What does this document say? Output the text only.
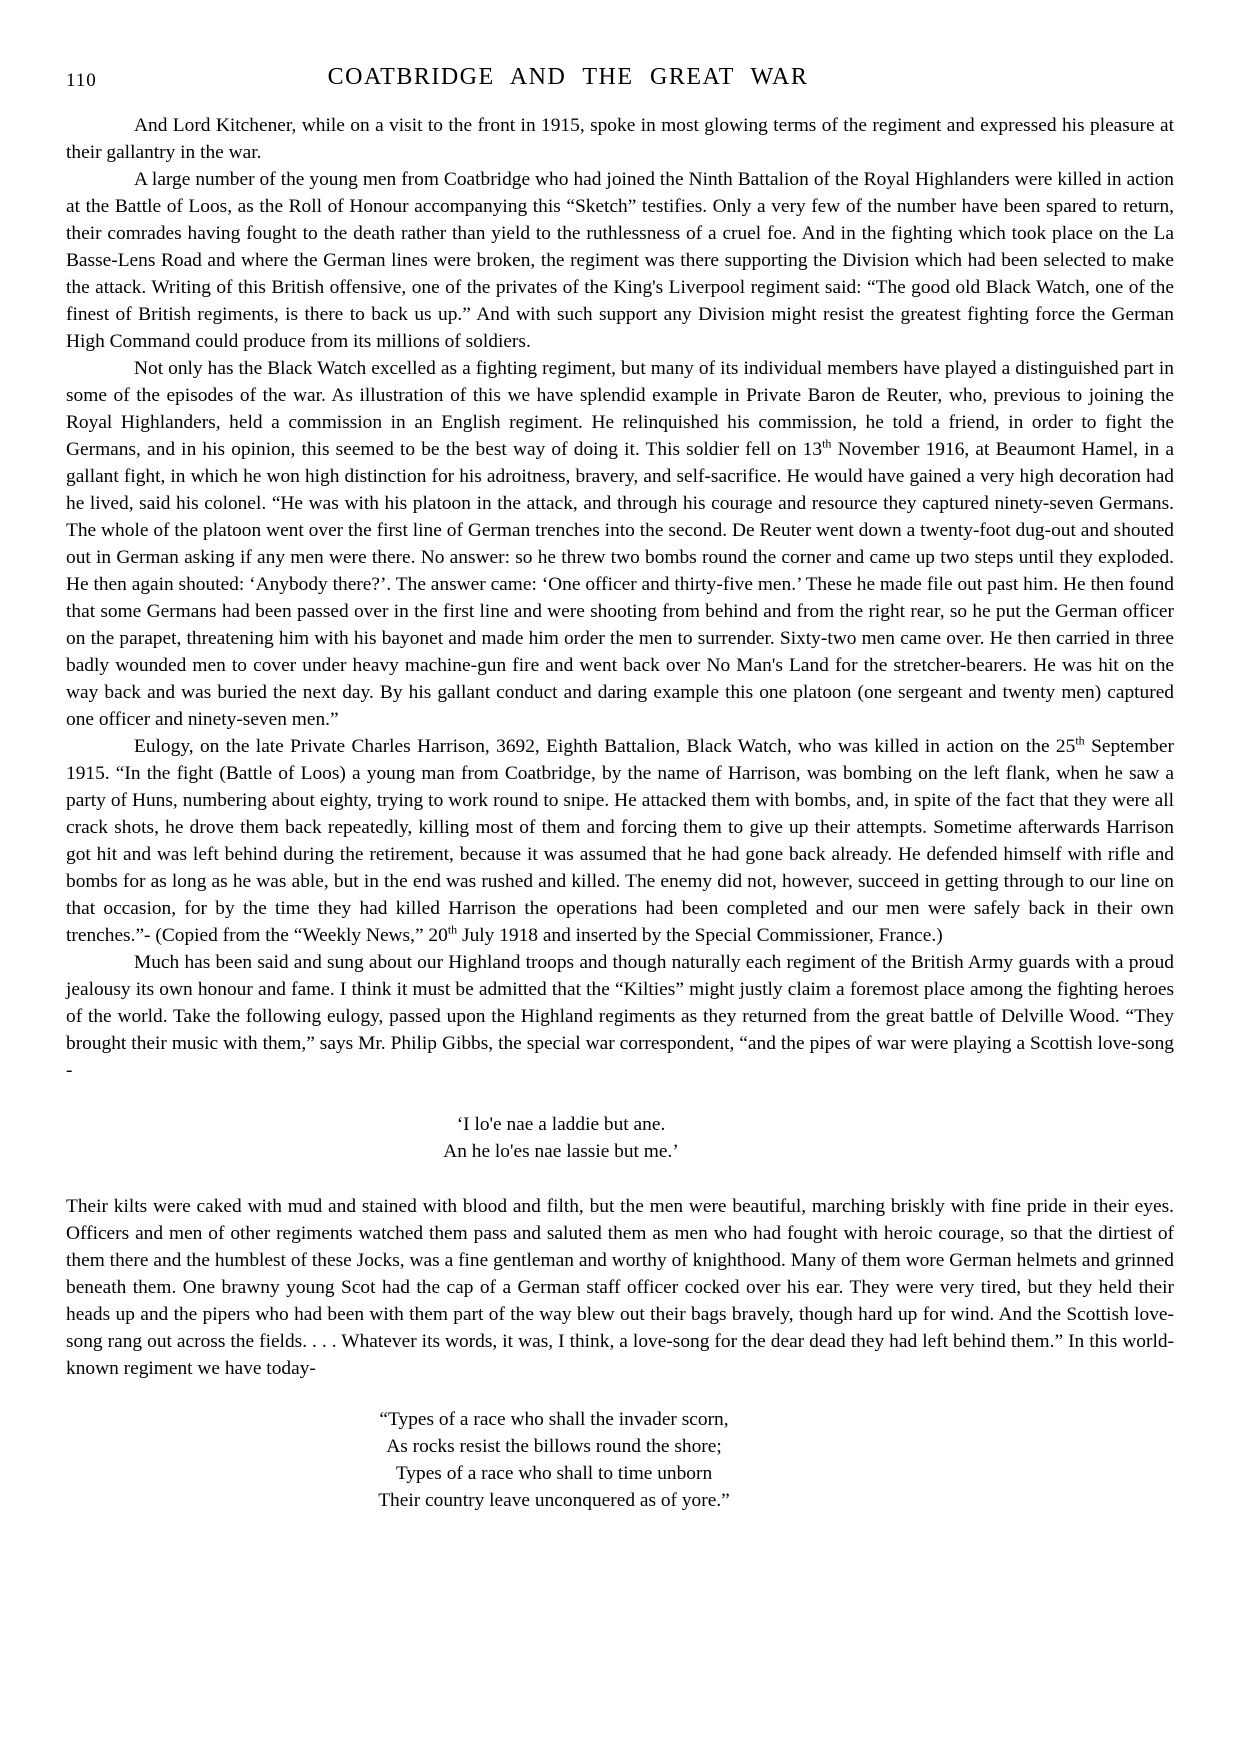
110	COATBRIDGE AND THE GREAT WAR

And Lord Kitchener, while on a visit to the front in 1915, spoke in most glowing terms of the regiment and expressed his pleasure at their gallantry in the war.

A large number of the young men from Coatbridge who had joined the Ninth Battalion of the Royal Highlanders were killed in action at the Battle of Loos, as the Roll of Honour accompanying this “Sketch” testifies. Only a very few of the number have been spared to return, their comrades having fought to the death rather than yield to the ruthlessness of a cruel foe. And in the fighting which took place on the La Basse-Lens Road and where the German lines were broken, the regiment was there supporting the Division which had been selected to make the attack. Writing of this British offensive, one of the privates of the King's Liverpool regiment said: “The good old Black Watch, one of the finest of British regiments, is there to back us up.” And with such support any Division might resist the greatest fighting force the German High Command could produce from its millions of soldiers.

Not only has the Black Watch excelled as a fighting regiment, but many of its individual members have played a distinguished part in some of the episodes of the war. As illustration of this we have splendid example in Private Baron de Reuter, who, previous to joining the Royal Highlanders, held a commission in an English regiment. He relinquished his commission, he told a friend, in order to fight the Germans, and in his opinion, this seemed to be the best way of doing it. This soldier fell on 13th November 1916, at Beaumont Hamel, in a gallant fight, in which he won high distinction for his adroitness, bravery, and self-sacrifice. He would have gained a very high decoration had he lived, said his colonel. “He was with his platoon in the attack, and through his courage and resource they captured ninety-seven Germans. The whole of the platoon went over the first line of German trenches into the second. De Reuter went down a twenty-foot dug-out and shouted out in German asking if any men were there. No answer: so he threw two bombs round the corner and came up two steps until they exploded. He then again shouted: ‘Anybody there?’. The answer came: ‘One officer and thirty-five men.’ These he made file out past him. He then found that some Germans had been passed over in the first line and were shooting from behind and from the right rear, so he put the German officer on the parapet, threatening him with his bayonet and made him order the men to surrender. Sixty-two men came over. He then carried in three badly wounded men to cover under heavy machine-gun fire and went back over No Man's Land for the stretcher-bearers. He was hit on the way back and was buried the next day. By his gallant conduct and daring example this one platoon (one sergeant and twenty men) captured one officer and ninety-seven men.”

Eulogy, on the late Private Charles Harrison, 3692, Eighth Battalion, Black Watch, who was killed in action on the 25th September 1915. “In the fight (Battle of Loos) a young man from Coatbridge, by the name of Harrison, was bombing on the left flank, when he saw a party of Huns, numbering about eighty, trying to work round to snipe. He attacked them with bombs, and, in spite of the fact that they were all crack shots, he drove them back repeatedly, killing most of them and forcing them to give up their attempts. Sometime afterwards Harrison got hit and was left behind during the retirement, because it was assumed that he had gone back already. He defended himself with rifle and bombs for as long as he was able, but in the end was rushed and killed. The enemy did not, however, succeed in getting through to our line on that occasion, for by the time they had killed Harrison the operations had been completed and our men were safely back in their own trenches.”- (Copied from the “Weekly News,” 20th July 1918 and inserted by the Special Commissioner, France.)

Much has been said and sung about our Highland troops and though naturally each regiment of the British Army guards with a proud jealousy its own honour and fame. I think it must be admitted that the “Kilties” might justly claim a foremost place among the fighting heroes of the world. Take the following eulogy, passed upon the Highland regiments as they returned from the great battle of Delville Wood. “They brought their music with them,” says Mr. Philip Gibbs, the special war correspondent, “and the pipes of war were playing a Scottish love-song -

‘I lo'e nae a laddie but ane.
An he lo'es nae lassie but me.’

Their kilts were caked with mud and stained with blood and filth, but the men were beautiful, marching briskly with fine pride in their eyes. Officers and men of other regiments watched them pass and saluted them as men who had fought with heroic courage, so that the dirtiest of them there and the humblest of these Jocks, was a fine gentleman and worthy of knighthood. Many of them wore German helmets and grinned beneath them. One brawny young Scot had the cap of a German staff officer cocked over his ear. They were very tired, but they held their heads up and the pipers who had been with them part of the way blew out their bags bravely, though hard up for wind. And the Scottish love-song rang out across the fields. . . . Whatever its words, it was, I think, a love-song for the dear dead they had left behind them.” In this world-known regiment we have today-

“Types of a race who shall the invader scorn,
As rocks resist the billows round the shore;
Types of a race who shall to time unborn
Their country leave unconquered as of yore.”
